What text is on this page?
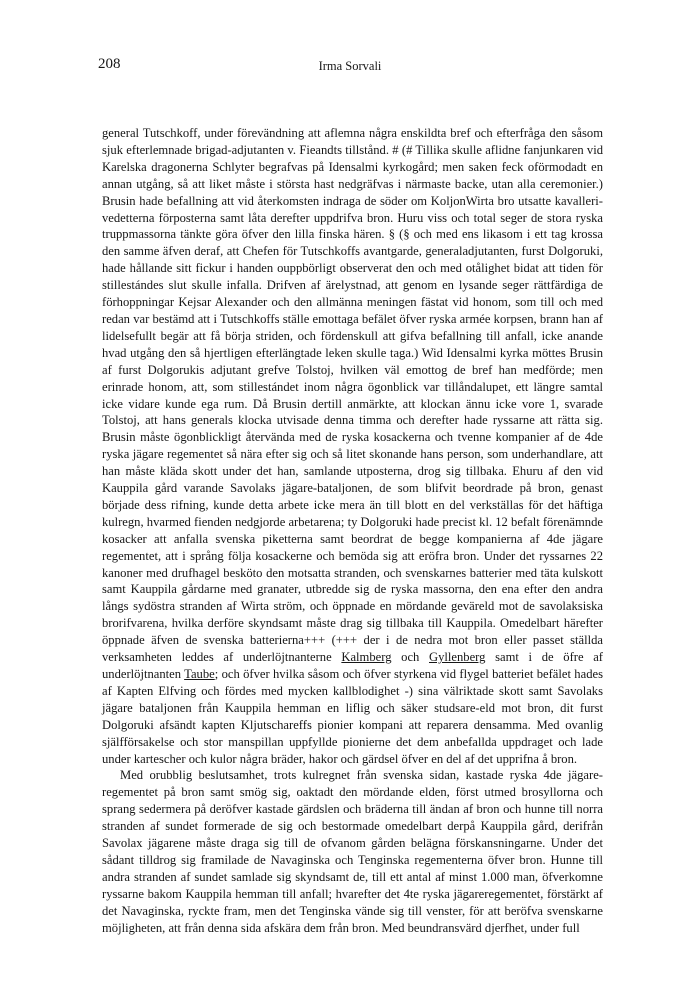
208	Irma Sorvali

general Tutschkoff, under förevändning att aflemna några enskildta bref och efterfråga den såsom sjuk efterlemnade brigad-adjutanten v. Fieandts tillstånd. # (# Tillika skulle aflidne fanjunkaren vid Karelska dragonerna Schlyter begrafvas på Idensalmi kyrkogård; men saken feck oförmodadt en annan utgång, så att liket måste i största hast nedgräfvas i närmaste backe, utan alla ceremonier.) Brusin hade befallning att vid återkomsten indraga de söder om KoljonWirta bro utsatte kavalleri-vedetterna förposterna samt låta derefter uppdrifva bron. Huru viss och total seger de stora ryska truppmassorna tänkte göra öfver den lilla finska hären. § (§ och med ens likasom i ett tag krossa den samme äfven deraf, att Chefen för Tutschkoffs avantgarde, generaladjutanten, furst Dolgoruki, hade hållande sitt fickur i handen ouppbörligt observerat den och med otålighet bidat att tiden för stillestándes slut skulle infalla. Drifven af ärelystnad, att genom en lysande seger rättfärdiga de förhoppningar Kejsar Alexander och den allmänna meningen fästat vid honom, som till och med redan var bestämd att i Tutschkoffs ställe emottaga befälet öfver ryska armée korpsen, brann han af lidelsefullt begär att få börja striden, och fördenskull att gifva befallning till anfall, icke anande hvad utgång den så hjertligen efterlängtade leken skulle taga.) Wid Idensalmi kyrka möttes Brusin af furst Dolgorukis adjutant grefve Tolstoj, hvilken väl emottog de bref han medförde; men erinrade honom, att, som stillestándet inom några ögonblick var tillåndalupet, ett längre samtal icke vidare kunde ega rum. Då Brusin dertill anmärkte, att klockan ännu icke vore 1, svarade Tolstoj, att hans generals klocka utvisade denna timma och derefter hade ryssarne att rätta sig. Brusin måste ögonblickligt återvända med de ryska kosackerna och tvenne kompanier af de 4de ryska jägare regementet så nära efter sig och så litet skonande hans person, som underhandlare, att han måste kläda skott under det han, samlande utposterna, drog sig tillbaka. Ehuru af den vid Kauppila gård varande Savolaks jägare-bataljonen, de som blifvit beordrade på bron, genast började dess rifning, kunde detta arbete icke mera än till blott en del verkställas för det häftiga kulregn, hvarmed fienden nedgjorde arbetarena; ty Dolgoruki hade precist kl. 12 befalt förenämnde kosacker att anfalla svenska piketterna samt beordrat de begge kompanierna af 4de jägare regementet, att i språng följa kosackerne och bemöda sig att eröfra bron. Under det ryssarnes 22 kanoner med drufhagel besköto den motsatta stranden, och svenskarnes batterier med täta kulskott samt Kauppila gårdarne med granater, utbredde sig de ryska massorna, den ena efter den andra långs sydöstra stranden af Wirta ström, och öppnade en mördande geväreld mot de savolaksiska brorifvarena, hvilka derföre skyndsamt måste drag sig tillbaka till Kauppila. Omedelbart härefter öppnade äfven de svenska batterierna+++ (+++ der i de nedra mot bron eller passet ställda verksamheten leddes af underlöjtnanterne Kalmberg och Gyllenberg samt i de öfre af underlöjtnanten Taube; och öfver hvilka såsom och öfver styrkena vid flygel batteriet befälet hades af Kapten Elfving och fördes med mycken kallblodighet -) sina välriktade skott samt Savolaks jägare bataljonen från Kauppila hemman en liflig och säker studsare-eld mot bron, dit furst Dolgoruki afsändt kapten Kljutschareffs pionier kompani att reparera densamma. Med ovanlig själfförsakelse och stor manspillan uppfyllde pionierne det dem anbefallda uppdraget och lade under kartescher och kulor några bräder, hakor och gärdsel öfver en del af det upprifna å bron.

Med orubblig beslutsamhet, trots kulregnet från svenska sidan, kastade ryska 4de jägare-regementet på bron samt smög sig, oaktadt den mördande elden, först utmed brosyllorna och sprang sedermera på deröfver kastade gärdslen och bräderna till ändan af bron och hunne till norra stranden af sundet formerade de sig och bestormade omedelbart derpå Kauppila gård, derifrån Savolax jägarene måste draga sig till de ofvanom gården belägna förskansningarne. Under det sådant tilldrog sig framilade de Navaginska och Tenginska regementerna öfver bron. Hunne till andra stranden af sundet samlade sig skyndsamt de, till ett antal af minst 1.000 man, öfverkomne ryssarne bakom Kauppila hemman till anfall; hvarefter det 4te ryska jägareregementet, förstärkt af det Navaginska, ryckte fram, men det Tenginska vände sig till venster, för att beröfva svenskarne möjligheten, att från denna sida afskära dem från bron. Med beundransvärd djerfhet, under full
